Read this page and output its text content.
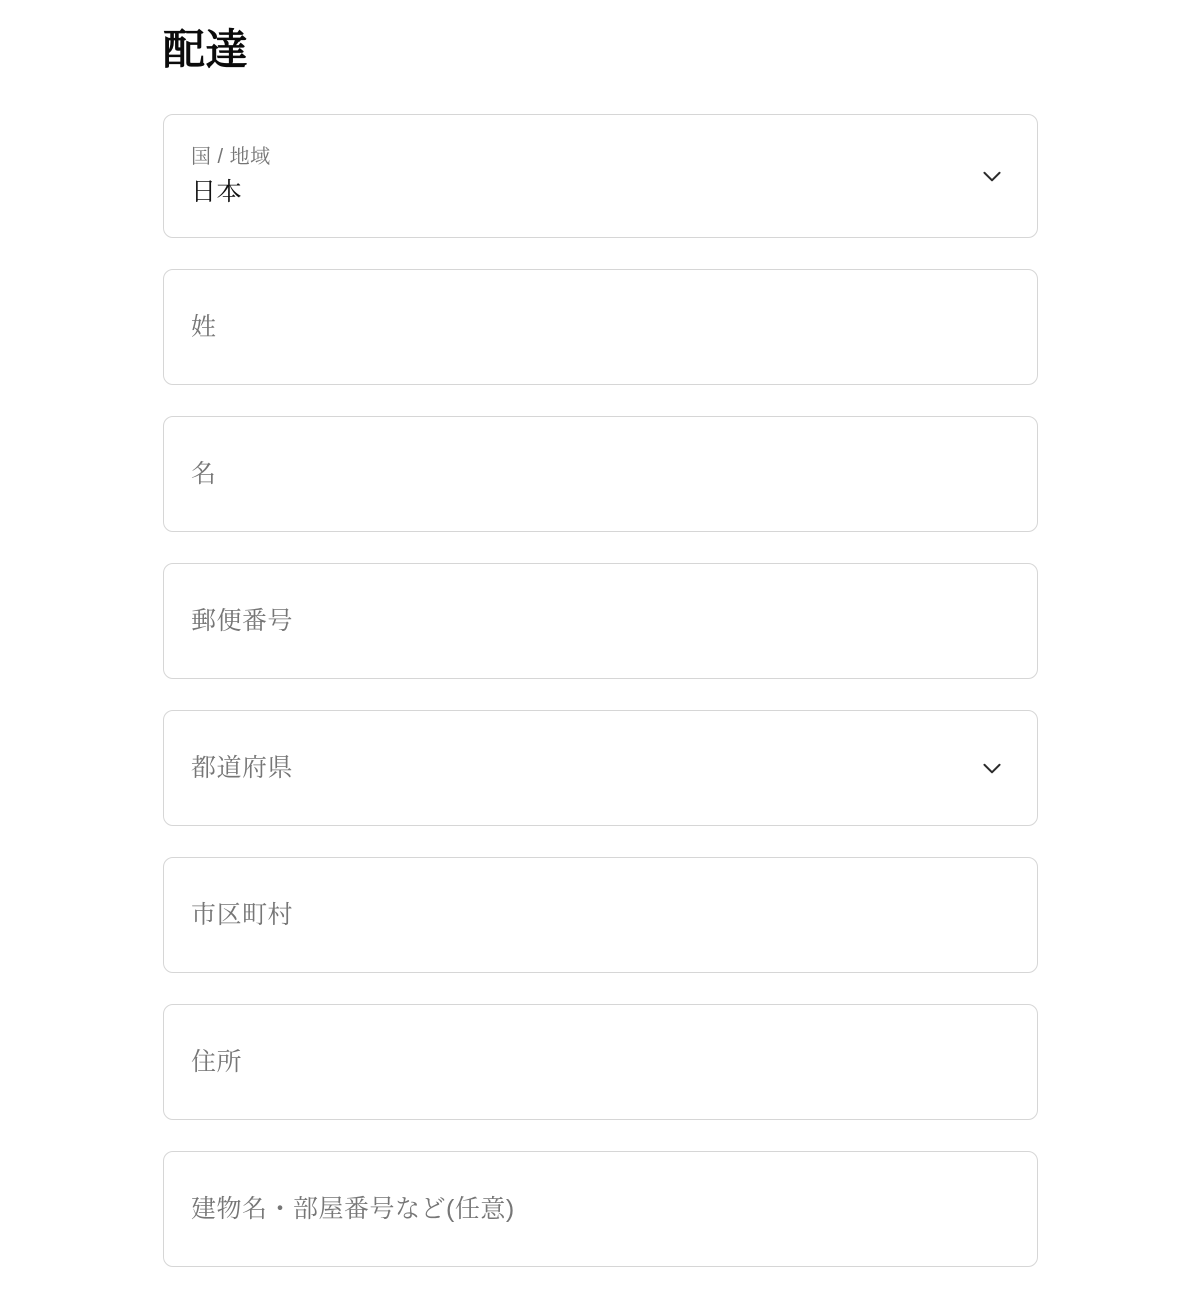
配達
国 / 地域
日本
姓
名
郵便番号
都道府県
市区町村
住所
建物名・部屋番号など(任意)
